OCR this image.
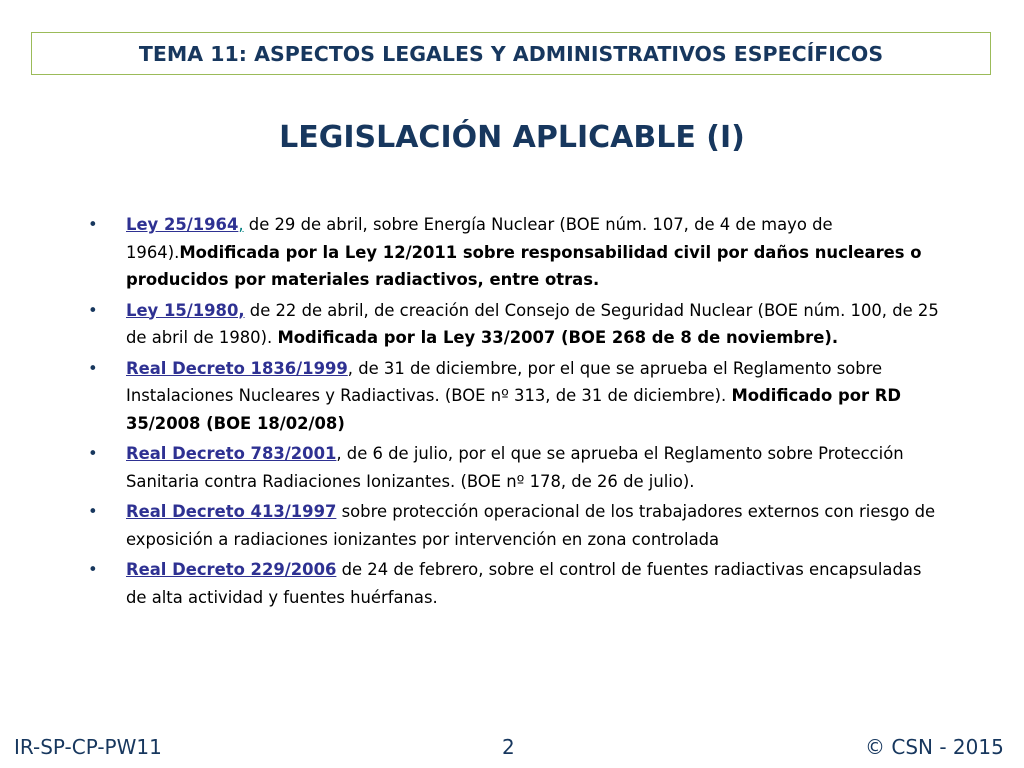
TEMA 11: ASPECTOS LEGALES Y ADMINISTRATIVOS ESPECÍFICOS
LEGISLACIÓN APLICABLE (I)
• Ley 25/1964, de 29 de abril, sobre Energía Nuclear (BOE núm. 107, de 4 de mayo de 1964).Modificada por la Ley 12/2011 sobre responsabilidad civil por daños nucleares o producidos por materiales radiactivos, entre otras.
• Ley 15/1980, de 22 de abril, de creación del Consejo de Seguridad Nuclear (BOE núm. 100, de 25 de abril de 1980). Modificada por la Ley 33/2007 (BOE 268 de 8 de noviembre).
• Real Decreto 1836/1999, de 31 de diciembre, por el que se aprueba el Reglamento sobre Instalaciones Nucleares y Radiactivas. (BOE nº 313, de 31 de diciembre). Modificado por RD 35/2008 (BOE 18/02/08)
• Real Decreto 783/2001, de 6 de julio, por el que se aprueba el Reglamento sobre Protección Sanitaria contra Radiaciones Ionizantes. (BOE nº 178, de 26 de julio).
• Real Decreto 413/1997 sobre protección operacional de los trabajadores externos con riesgo de exposición a radiaciones ionizantes por intervención en zona controlada
• Real Decreto 229/2006 de 24 de febrero, sobre el control de fuentes radiactivas encapsuladas de alta actividad y fuentes huérfanas.
IR-SP-CP-PW11	2	© CSN - 2015
